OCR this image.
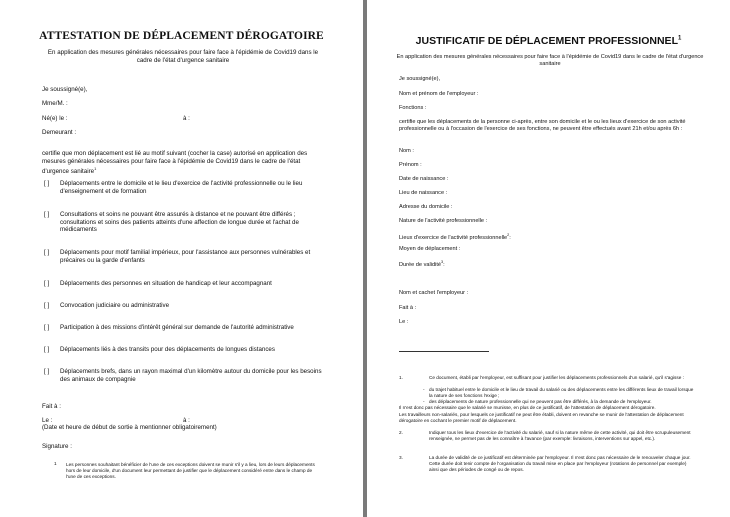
ATTESTATION DE DÉPLACEMENT DÉROGATOIRE
En application des mesures générales nécessaires pour faire face à l'épidémie de Covid19 dans le cadre de l'état d'urgence sanitaire
Je soussigné(e),
Mme/M. :
Né(e) le :	à :
Demeurant :
certifie que mon déplacement est lié au motif suivant (cocher la case) autorisé en application des mesures générales nécessaires pour faire face à l'épidémie de Covid19 dans le cadre de l'état d'urgence sanitaire$^1$
[ ] Déplacements entre le domicile et le lieu d'exercice de l'activité professionnelle ou le lieu d'enseignement et de formation
[ ] Consultations et soins ne pouvant être assurés à distance et ne pouvant être différés ; consultations et soins des patients atteints d'une affection de longue durée et l'achat de médicaments
[ ] Déplacements pour motif familial impérieux, pour l'assistance aux personnes vulnérables et précaires ou la garde d'enfants
[ ] Déplacements des personnes en situation de handicap et leur accompagnant
[ ] Convocation judiciaire ou administrative
[ ] Participation à des missions d'intérêt général sur demande de l'autorité administrative
[ ] Déplacements liés à des transits pour des déplacements de longues distances
[ ] Déplacements brefs, dans un rayon maximal d'un kilomètre autour du domicile pour les besoins des animaux de compagnie
Fait à :
Le :	à :
(Date et heure de début de sortie à mentionner obligatoirement)
Signature :
1 Les personnes souhaitant bénéficier de l'une de ces exceptions doivent se munir s'il y a lieu, lors de leurs déplacements hors de leur domicile, d'un document leur permettant de justifier que le déplacement considéré entre dans le champ de l'une de ces exceptions.
JUSTIFICATIF DE DÉPLACEMENT PROFESSIONNEL$^1$
En application des mesures générales nécessaires pour faire face à l'épidémie de Covid19 dans le cadre de l'état d'urgence sanitaire
Je soussigné(e),
Nom et prénom de l'employeur :
Fonctions :
certifie que les déplacements de la personne ci-après, entre son domicile et le ou les lieux d'exercice de son activité professionnelle ou à l'occasion de l'exercice de ses fonctions, ne peuvent être effectués avant 21h et/ou après 6h :
Nom :
Prénom :
Date de naissance :
Lieu de naissance :
Adresse du domicile :
Nature de l'activité professionnelle :
Lieux d'exercice de l'activité professionnelle$^2$:
Moyen de déplacement :
Durée de validité$^3$:
Nom et cachet l'employeur :
Fait à :
Le :
1.	Ce document, établi par l'employeur, est suffisant pour justifier les déplacements professionnels d'un salarié, qu'il s'agisse :
- du trajet habituel entre le domicile et le lieu de travail du salarié ou des déplacements entre les différents lieux de travail lorsque la nature de ses fonctions l'exige ;
- des déplacements de nature professionnelle qui ne peuvent pas être différés, à la demande de l'employeur.
Il n'est donc pas nécessaire que le salarié se munisse, en plus de ce justificatif, de l'attestation de déplacement dérogatoire.
Les travailleurs non-salariés, pour lesquels ce justificatif ne peut être établi, doivent en revanche se munir de l'attestation de déplacement dérogatoire en cochant le premier motif de déplacement.
2.	Indiquer tous les lieux d'exercice de l'activité du salarié, sauf si la nature même de cette activité, qui doit être scrupuleusement renseignée, ne permet pas de les connaître à l'avance (par exemple: livraisons, interventions sur appel, etc.).
3.	La durée de validité de ce justificatif est déterminée par l'employeur. Il n'est donc pas nécessaire de le renouveler chaque jour. Cette durée doit tenir compte de l'organisation du travail mise en place par l'employeur (rotations de personnel par exemple) ainsi que des périodes de congé ou de repos.
